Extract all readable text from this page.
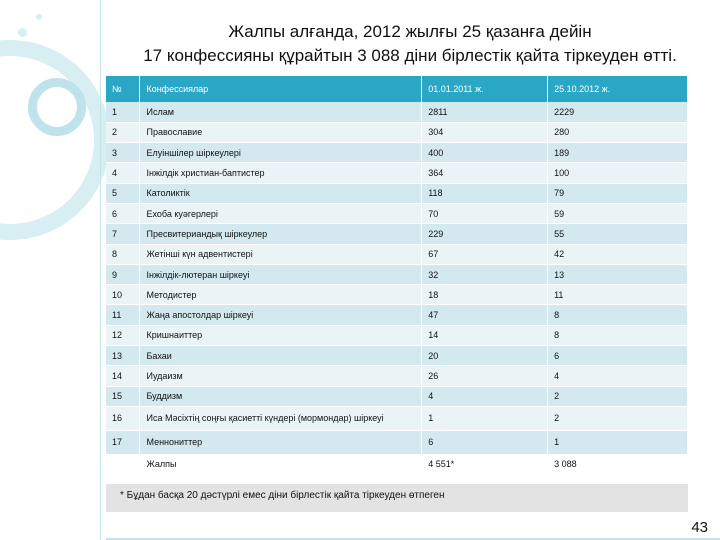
Жалпы алғанда, 2012 жылғы 25 қазанға дейін
17 конфессияны құрайтын 3 088 діни бірлестік қайта тіркеуден өтті.
№	Конфессиялар	01.01.2011 ж.	25.10.2012 ж.
1	Ислам	2811	2229
2	Православие	304	280
3	Елуіншілер шіркеулері	400	189
4	Інжілдік христиан-баптистер	364	100
5	Католиктік	118	79
6	Ехоба куәгерлері	70	59
7	Пресвитериандық шіркеулер	229	55
8	Жетінші күн адвентистері	67	42
9	Інжілдік-лютеран шіркеуі	32	13
10	Методистер	18	11
11	Жаңа апостолдар шіркеуі	47	8
12	Кришнаиттер	14	8
13	Бахаи	20	6
14	Иудаизм	26	4
15	Буддизм	4	2
16	Иса Мәсіхтің соңғы қасиетті күндері (мормондар) шіркеуі	1	2
17	Меннониттер	6	1
	Жалпы	4 551*	3 088
* Бұдан басқа 20 дәстүрлі емес діни бірлестік қайта тіркеуден өтпеген
43
